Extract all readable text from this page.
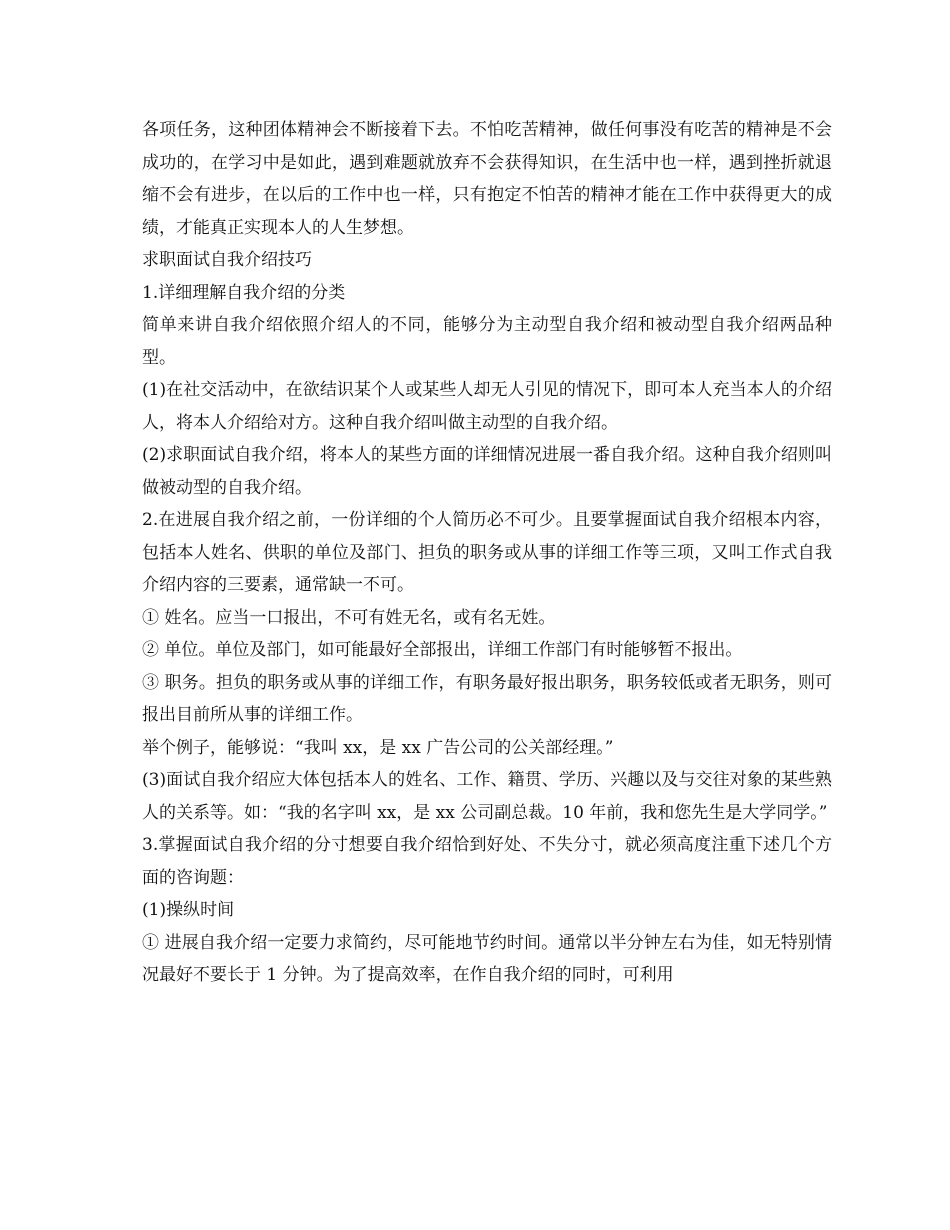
各项任务，这种团体精神会不断接着下去。不怕吃苦精神，做任何事没有吃苦的精神是不会成功的，在学习中是如此，遇到难题就放弃不会获得知识，在生活中也一样，遇到挫折就退缩不会有进步，在以后的工作中也一样，只有抱定不怕苦的精神才能在工作中获得更大的成绩，才能真正实现本人的人生梦想。

求职面试自我介绍技巧

1.详细理解自我介绍的分类

简单来讲自我介绍依照介绍人的不同，能够分为主动型自我介绍和被动型自我介绍两品种型。

(1)在社交活动中，在欲结识某个人或某些人却无人引见的情况下，即可本人充当本人的介绍人，将本人介绍给对方。这种自我介绍叫做主动型的自我介绍。

(2)求职面试自我介绍，将本人的某些方面的详细情况进展一番自我介绍。这种自我介绍则叫做被动型的自我介绍。

2.在进展自我介绍之前，一份详细的个人简历必不可少。且要掌握面试自我介绍根本内容，包括本人姓名、供职的单位及部门、担负的职务或从事的详细工作等三项，又叫工作式自我介绍内容的三要素，通常缺一不可。

① 姓名。应当一口报出，不可有姓无名，或有名无姓。

② 单位。单位及部门，如可能最好全部报出，详细工作部门有时能够暂不报出。

③ 职务。担负的职务或从事的详细工作，有职务最好报出职务，职务较低或者无职务，则可报出目前所从事的详细工作。

举个例子，能够说：“我叫 xx，是 xx 广告公司的公关部经理。”

(3)面试自我介绍应大体包括本人的姓名、工作、籍贯、学历、兴趣以及与交往对象的某些熟人的关系等。如：“我的名字叫 xx，是 xx 公司副总裁。10 年前，我和您先生是大学同学。”

3.掌握面试自我介绍的分寸想要自我介绍恰到好处、不失分寸，就必须高度注重下述几个方面的咨询题：

(1)操纵时间

① 进展自我介绍一定要力求简约，尽可能地节约时间。通常以半分钟左右为佳，如无特别情况最好不要长于 1 分钟。为了提高效率，在作自我介绍的同时，可利用
